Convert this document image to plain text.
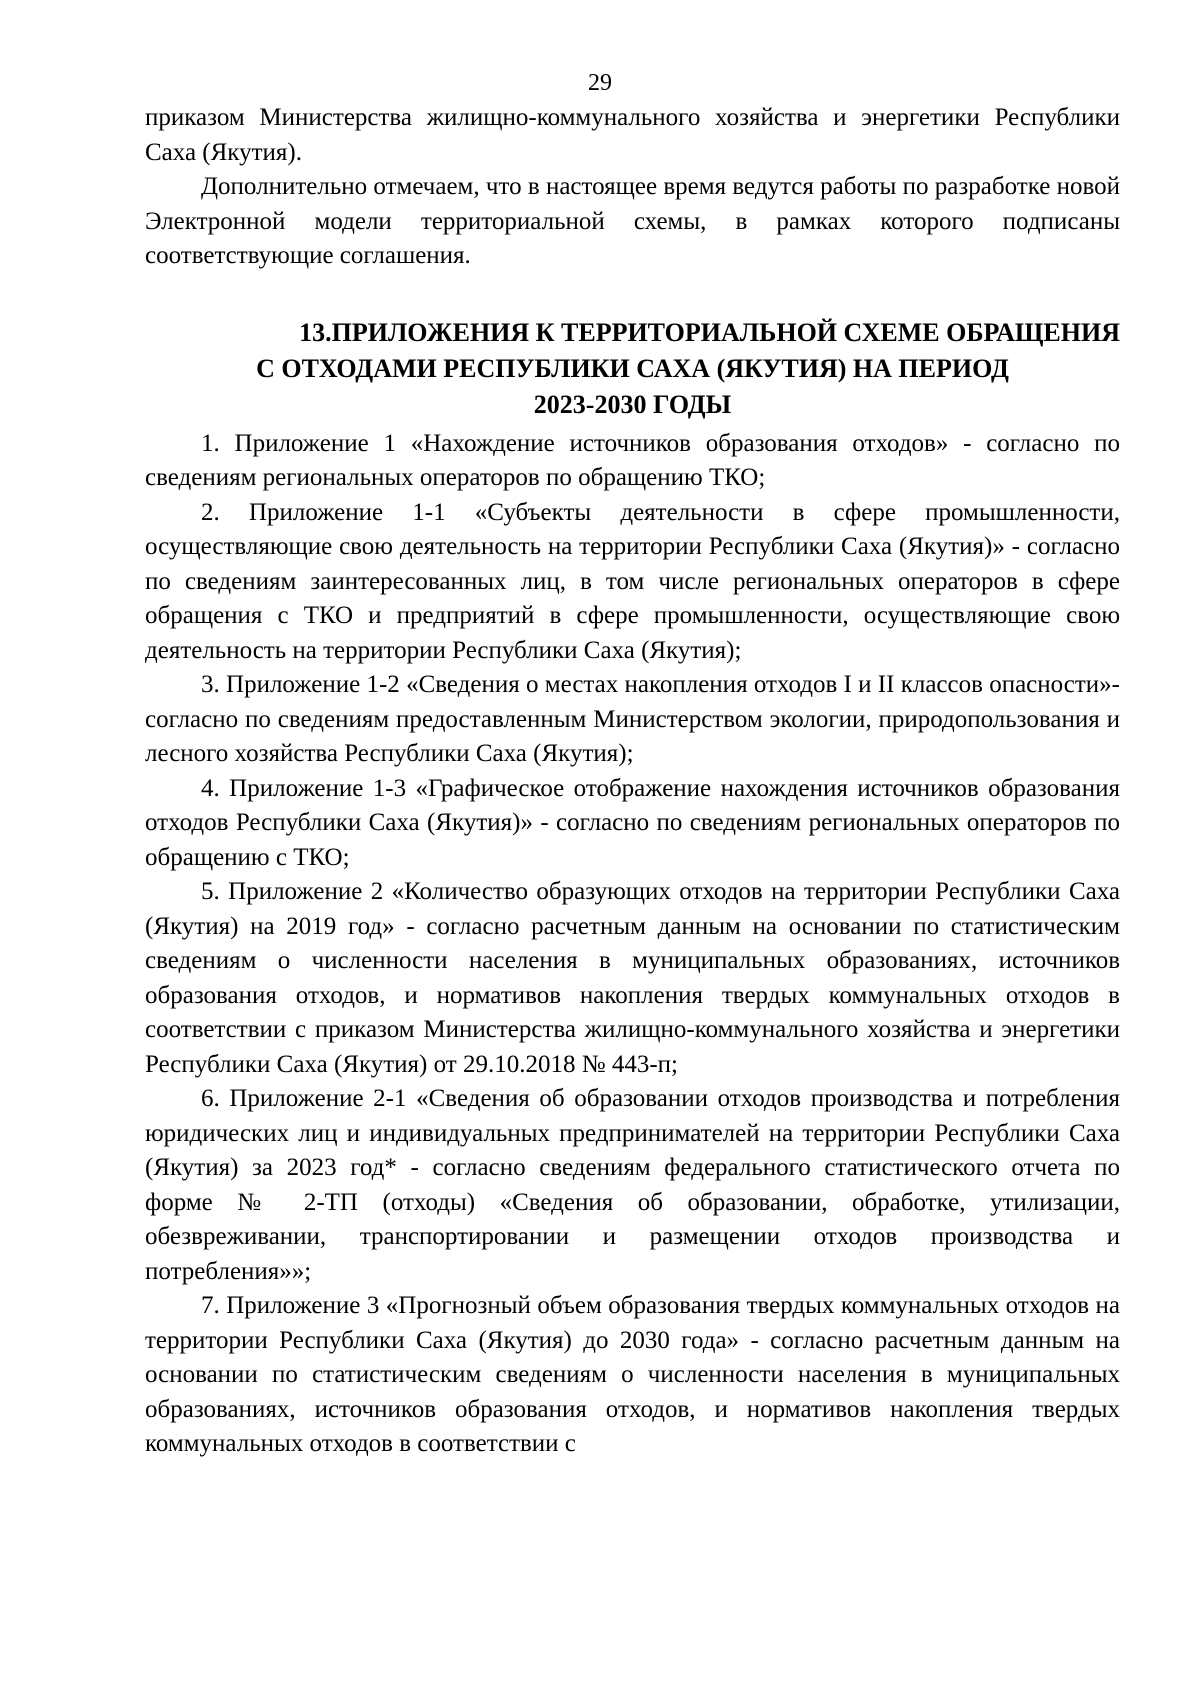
29

приказом Министерства жилищно-коммунального хозяйства и энергетики Республики Саха (Якутия).

Дополнительно отмечаем, что в настоящее время ведутся работы по разработке новой Электронной модели территориальной схемы, в рамках которого подписаны соответствующие соглашения.

13.ПРИЛОЖЕНИЯ К ТЕРРИТОРИАЛЬНОЙ СХЕМЕ ОБРАЩЕНИЯ
С ОТХОДАМИ РЕСПУБЛИКИ САХА (ЯКУТИЯ) НА ПЕРИОД
2023-2030 ГОДЫ
1. Приложение 1 «Нахождение источников образования отходов» - согласно по сведениям региональных операторов по обращению ТКО;
2. Приложение 1-1 «Субъекты деятельности в сфере промышленности, осуществляющие свою деятельность на территории Республики Саха (Якутия)» - согласно по сведениям заинтересованных лиц, в том числе региональных операторов в сфере обращения с ТКО и предприятий в сфере промышленности, осуществляющие свою деятельность на территории Республики Саха (Якутия);
3. Приложение 1-2 «Сведения о местах накопления отходов I и II классов опасности»- согласно по сведениям предоставленным Министерством экологии, природопользования и лесного хозяйства Республики Саха (Якутия);
4. Приложение 1-3 «Графическое отображение нахождения источников образования отходов Республики Саха (Якутия)» - согласно по сведениям региональных операторов по обращению с ТКО;
5. Приложение 2 «Количество образующих отходов на территории Республики Саха (Якутия) на 2019 год» - согласно расчетным данным на основании по статистическим сведениям о численности населения в муниципальных образованиях, источников образования отходов, и нормативов накопления твердых коммунальных отходов в соответствии с приказом Министерства жилищно-коммунального хозяйства и энергетики Республики Саха (Якутия) от 29.10.2018 № 443-п;
6. Приложение 2-1 «Сведения об образовании отходов производства и потребления юридических лиц и индивидуальных предпринимателей на территории Республики Саха (Якутия) за 2023 год* - согласно сведениям федерального статистического отчета по форме № 2-ТП (отходы) «Сведения об образовании, обработке, утилизации, обезвреживании, транспортировании и размещении отходов производства и потребления»»;
7. Приложение 3 «Прогнозный объем образования твердых коммунальных отходов на территории Республики Саха (Якутия) до 2030 года» - согласно расчетным данным на основании по статистическим сведениям о численности населения в муниципальных образованиях, источников образования отходов, и нормативов накопления твердых коммунальных отходов в соответствии с
